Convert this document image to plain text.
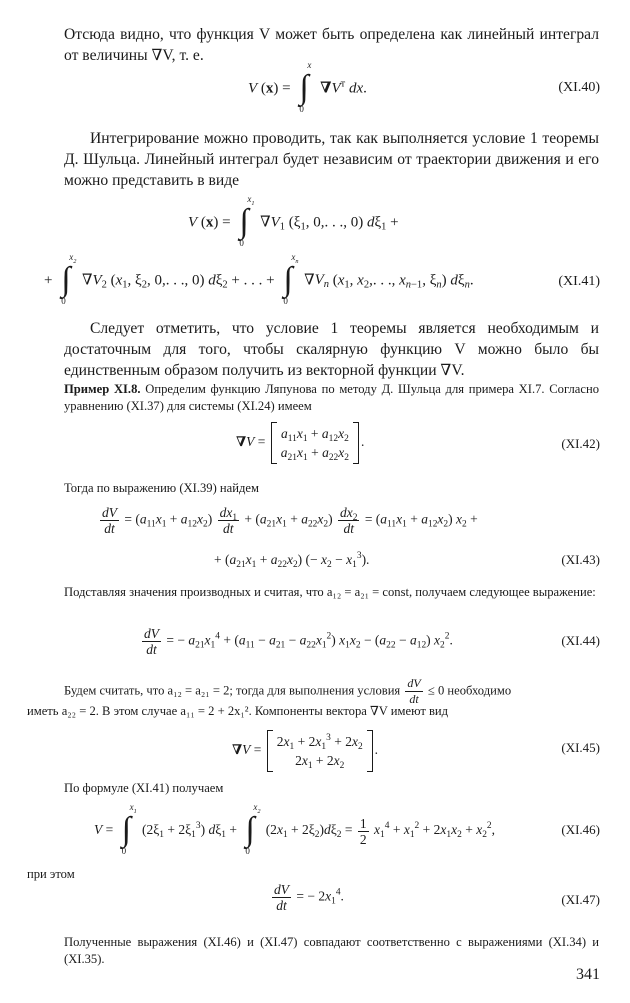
Отсюда видно, что функция V может быть определена как линейный интеграл от величины ∇V, т. е.

V (x) = ∫
x
0
$\nabla V^т$ dx.	(XI.40)

Интегрирование можно проводить, так как выполняется условие 1 теоремы Д. Шульца. Линейный интеграл будет независим от траектории движения и его можно представить в виде

V (x) = ∫
$x_1$
0
$\nabla V_1$ ($\xi_1$, 0,. . ., 0) $d\xi_1$ +
+ ∫
$x_2$
0
$\nabla V_2$ ($x_1$, $\xi_2$, 0,. . ., 0) $d\xi_2$ + . . . + ∫
$x_n$
0
$\nabla V_n$ ($x_1$, $x_2$,. . ., $x_{n-1}$, $\xi_n$) $d\xi_n$.	(XI.41)

Следует отметить, что условие 1 теоремы является необходимым и достаточным для того, чтобы скалярную функцию V можно было бы единственным образом получить из векторной функции ∇V.

Пример XI.8. Определим функцию Ляпунова по методу Д. Шульца для примера XI.7. Согласно уравнению (XI.37) для системы (XI.24) имеем

∇V =
$a_{11}x_1 + a_{12}x_2$
$a_{21}x_1 + a_{22}x_2$
.	(XI.42)

Тогда по выражению (XI.39) найдем

$\frac{dV}{dt} = (a_{11}x_1 + a_{12}x_2) \frac{dx_1}{dt} + (a_{21}x_1 + a_{22}x_2) \frac{dx_2}{dt} = (a_{11}x_1 + a_{12}x_2) x_2$ +
+ $(a_{21}x_1 + a_{22}x_2)$ (− $x_2 - x_1^3$).	(XI.43)

Подставляя значения производных и считая, что a₁₂ = a₂₁ = const, получаем следующее выражение:

$\frac{dV}{dt}$ = − $a_{21}x_1^4 + (a_{11} - a_{21} - a_{22}x_1^2) x_1x_2 - (a_{22} - a_{12})$ $x_2^2$.	(XI.44)
Будем считать, что a₁₂ = a₂₁ = 2; тогда для выполнения условия $\frac{dV}{dt} \le 0$ необходимо

иметь a₂₂ = 2. В этом случае a₁₁ = 2 + 2x₁². Компоненты вектора ∇V имеют вид

∇V =
$2x_1 + 2x_1^3 + 2x_2$
$2x_1 + 2x_2$
.	(XI.45)

По формуле (XI.41) получаем

V = ∫
$x_1$
0
$(2\xi_1 + 2\xi_1^3) d\xi_1$ + ∫
$x_2$
0
$(2x_1 + 2\xi_2)d\xi_2 = \frac{1}{2} x_1^4 + x_1^2 + 2x_1x_2 + x_2^2$,	(XI.46)

при этом

$\frac{dV}{dt}$ = − $2x_1^4$.	(XI.47)

Полученные выражения (XI.46) и (XI.47) совпадают соответственно с выражениями (XI.34) и (XI.35).

341
